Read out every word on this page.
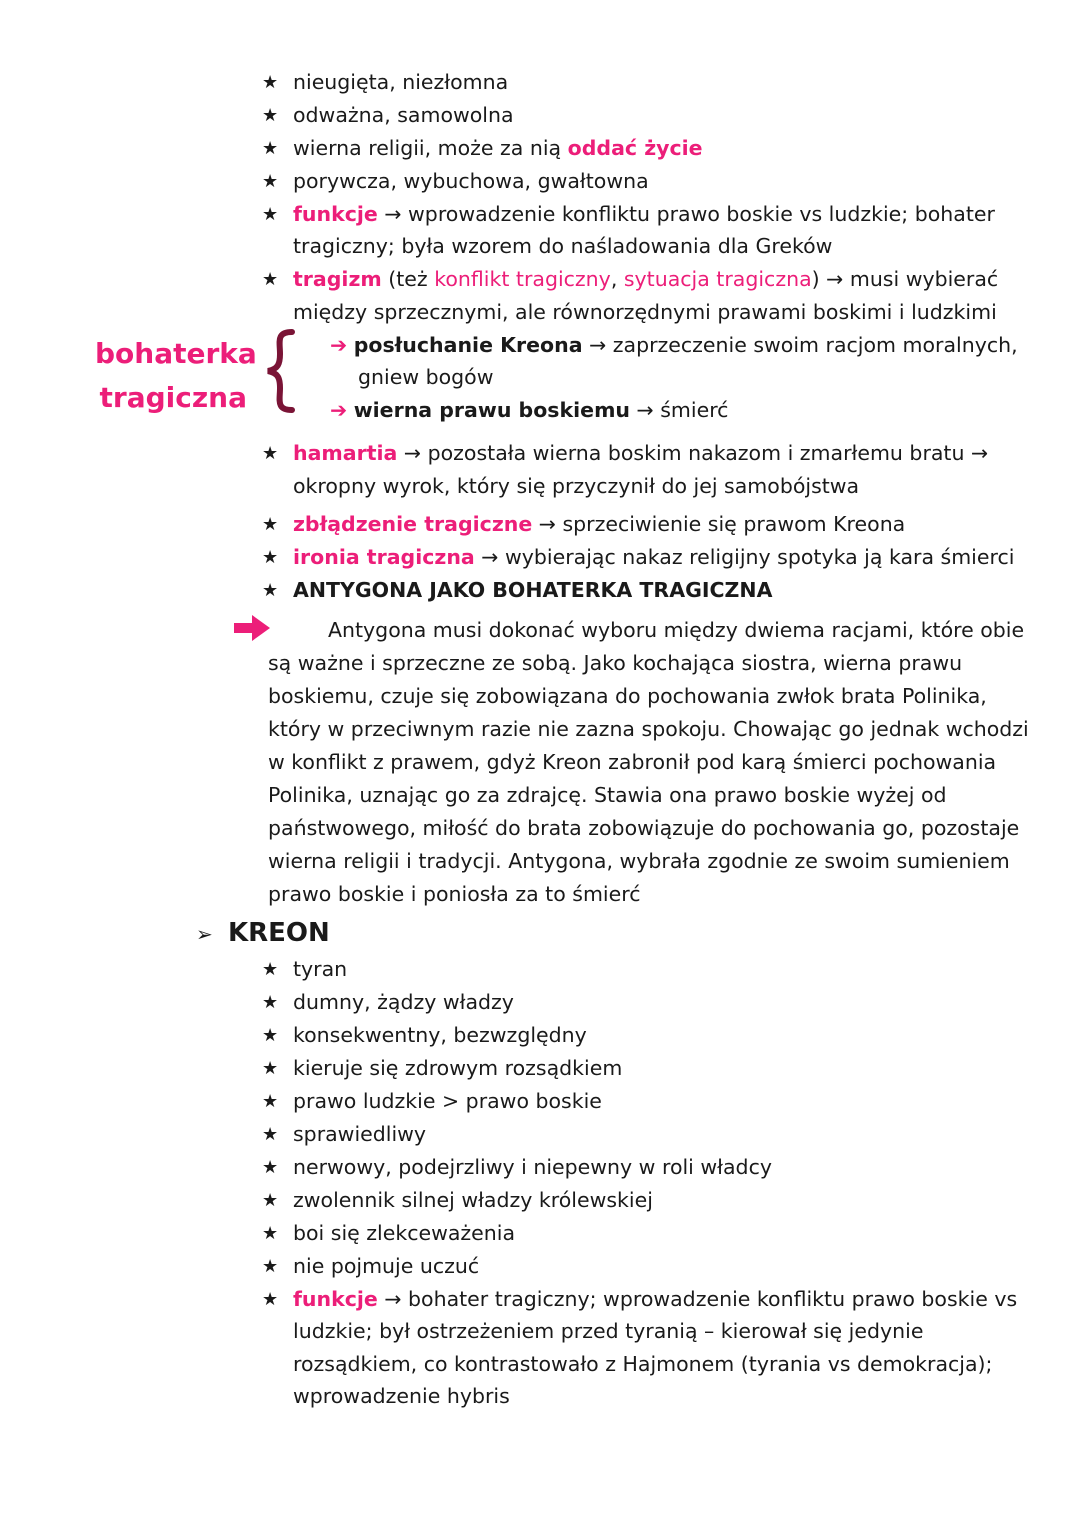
★ nieugięta, niezłomna
★ odważna, samowolna
★ wierna religii, może za nią oddać życie
★ porywcza, wybuchowa, gwałtowna
★ funkcje → wprowadzenie konfliktu prawo boskie vs ludzkie; bohater
tragiczny; była wzorem do naśladowania dla Greków
★ tragizm (też konflikt tragiczny, sytuacja tragiczna) → musi wybierać
między sprzecznymi, ale równorzędnymi prawami boskimi i ludzkimi
bohaterka
tragiczna
➔ posłuchanie Kreona → zaprzeczenie swoim racjom moralnych,
gniew bogów
➔ wierna prawu boskiemu → śmierć
★ hamartia → pozostała wierna boskim nakazom i zmarłemu bratu →
okropny wyrok, który się przyczynił do jej samobójstwa
★ zbłądzenie tragiczne → sprzeciwienie się prawom Kreona
★ ironia tragiczna → wybierając nakaz religijny spotyka ją kara śmierci
★ ANTYGONA JAKO BOHATERKA TRAGICZNA
Antygona musi dokonać wyboru między dwiema racjami, które obie
są ważne i sprzeczne ze sobą. Jako kochająca siostra, wierna prawu
boskiemu, czuje się zobowiązana do pochowania zwłok brata Polinika,
który w przeciwnym razie nie zazna spokoju. Chowając go jednak wchodzi
w konflikt z prawem, gdyż Kreon zabronił pod karą śmierci pochowania
Polinika, uznając go za zdrajcę. Stawia ona prawo boskie wyżej od
państwowego, miłość do brata zobowiązuje do pochowania go, pozostaje
wierna religii i tradycji. Antygona, wybrała zgodnie ze swoim sumieniem
prawo boskie i poniosła za to śmierć
➢ KREON
★ tyran
★ dumny, żądzy władzy
★ konsekwentny, bezwzględny
★ kieruje się zdrowym rozsądkiem
★ prawo ludzkie > prawo boskie
★ sprawiedliwy
★ nerwowy, podejrzliwy i niepewny w roli władcy
★ zwolennik silnej władzy królewskiej
★ boi się zlekceważenia
★ nie pojmuje uczuć
★ funkcje → bohater tragiczny; wprowadzenie konfliktu prawo boskie vs
ludzkie; był ostrzeżeniem przed tyranią – kierował się jedynie
rozsądkiem, co kontrastowało z Hajmonem (tyrania vs demokracja);
wprowadzenie hybris
